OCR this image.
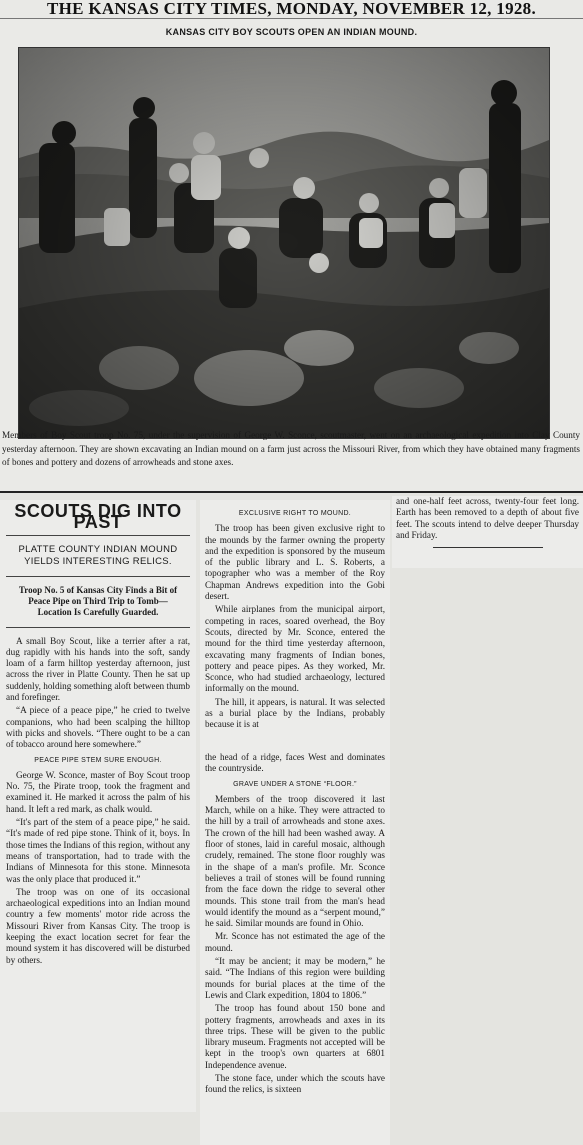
THE KANSAS CITY TIMES, MONDAY, NOVEMBER 12, 1928.
KANSAS CITY BOY SCOUTS OPEN AN INDIAN MOUND.
Members of Boy Scout troop No. 75, under the supervision of George W. Sconce, scoutmaster, went on an archaeological expedition into Clay County yesterday afternoon. They are shown excavating an Indian mound on a farm just across the Missouri River, from which they have obtained many fragments of bones and pottery and dozens of arrowheads and stone axes.
SCOUTS DIG INTO PAST
PLATTE COUNTY INDIAN MOUND YIELDS INTERESTING RELICS.
Troop No. 5 of Kansas City Finds a Bit of Peace Pipe on Third Trip to Tomb—Location Is Carefully Guarded.

A small Boy Scout, like a terrier after a rat, dug rapidly with his hands into the soft, sandy loam of a farm hilltop yesterday afternoon, just across the river in Platte County. Then he sat up suddenly, holding something aloft between thumb and forefinger.

“A piece of a peace pipe,” he cried to twelve companions, who had been scalping the hilltop with picks and shovels. “There ought to be a can of tobacco around here somewhere.”

PEACE PIPE STEM SURE ENOUGH.

George W. Sconce, master of Boy Scout troop No. 75, the Pirate troop, took the fragment and examined it. He marked it across the palm of his hand. It left a red mark, as chalk would.

“It's part of the stem of a peace pipe,” he said. “It's made of red pipe stone. Think of it, boys. In those times the Indians of this region, without any means of transportation, had to trade with the Indians of Minnesota for this stone. Minnesota was the only place that produced it.”

The troop was on one of its occasional archaeological expeditions into an Indian mound country a few moments' motor ride across the Missouri River from Kansas City. The troop is keeping the exact location secret for fear the mound system it has discovered will be disturbed by others.

EXCLUSIVE RIGHT TO MOUND.

The troop has been given exclusive right to the mounds by the farmer owning the property and the expedition is sponsored by the museum of the public library and L. S. Roberts, a topographer who was a member of the Roy Chapman Andrews expedition into the Gobi desert.

While airplanes from the municipal airport, competing in races, soared overhead, the Boy Scouts, directed by Mr. Sconce, entered the mound for the third time yesterday afternoon, excavating many fragments of Indian bones, pottery and peace pipes. As they worked, Mr. Sconce, who had studied archaeology, lectured informally on the mound.

The hill, it appears, is natural. It was selected as a burial place by the Indians, probably because it is at

the head of a ridge, faces West and dominates the countryside.

GRAVE UNDER A STONE “FLOOR.”

Members of the troop discovered it last March, while on a hike. They were attracted to the hill by a trail of arrowheads and stone axes. The crown of the hill had been washed away. A floor of stones, laid in careful mosaic, although crudely, remained. The stone floor roughly was in the shape of a man's profile. Mr. Sconce believes a trail of stones will be found running from the face down the ridge to several other mounds. This stone trail from the man's head would identify the mound as a “serpent mound,” he said. Similar mounds are found in Ohio.

Mr. Sconce has not estimated the age of the mound.

“It may be ancient; it may be modern,” he said. “The Indians of this region were building mounds for burial places at the time of the Lewis and Clark expedition, 1804 to 1806.”

The troop has found about 150 bone and pottery fragments, arrowheads and axes in its three trips. These will be given to the public library museum. Fragments not accepted will be kept in the troop's own quarters at 6801 Independence avenue.

The stone face, under which the scouts have found the relics, is sixteen

and one-half feet across, twenty-four feet long. Earth has been removed to a depth of about five feet. The scouts intend to delve deeper Thursday and Friday.
